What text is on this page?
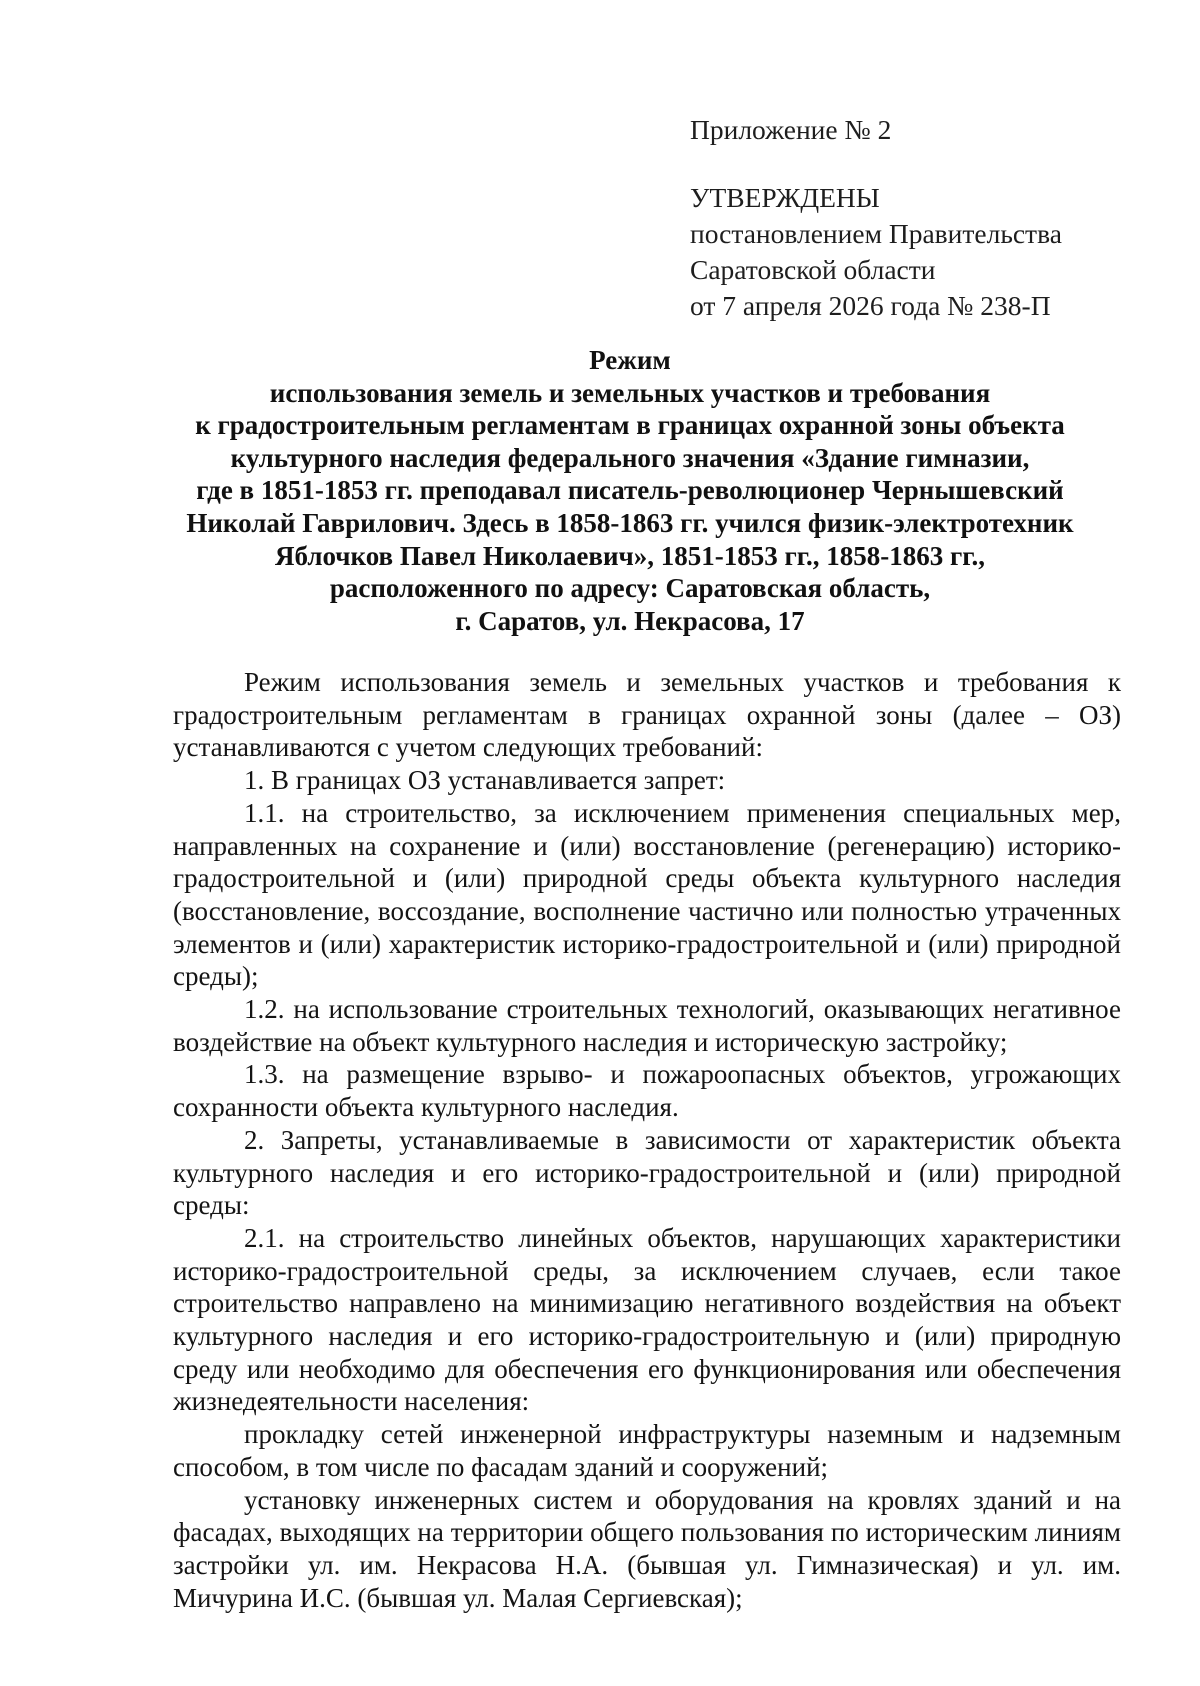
Приложение № 2
УТВЕРЖДЕНЫ
постановлением Правительства
Саратовской области
от 7 апреля 2026 года № 238-П
Режим
использования земель и земельных участков и требования
к градостроительным регламентам в границах охранной зоны объекта
культурного наследия федерального значения «Здание гимназии,
где в 1851-1853 гг. преподавал писатель-революционер Чернышевский
Николай Гаврилович. Здесь в 1858-1863 гг. учился физик-электротехник
Яблочков Павел Николаевич», 1851-1853 гг., 1858-1863 гг.,
расположенного по адресу: Саратовская область,
г. Саратов, ул. Некрасова, 17

Режим использования земель и земельных участков и требования к градостроительным регламентам в границах охранной зоны (далее – ОЗ) устанавливаются с учетом следующих требований:

1. В границах ОЗ устанавливается запрет:

1.1. на строительство, за исключением применения специальных мер, направленных на сохранение и (или) восстановление (регенерацию) историко-градостроительной и (или) природной среды объекта культурного наследия (восстановление, воссоздание, восполнение частично или полностью утраченных элементов и (или) характеристик историко-градостроительной и (или) природной среды);

1.2. на использование строительных технологий, оказывающих негативное воздействие на объект культурного наследия и историческую застройку;

1.3. на размещение взрыво- и пожароопасных объектов, угрожающих сохранности объекта культурного наследия.

2. Запреты, устанавливаемые в зависимости от характеристик объекта культурного наследия и его историко-градостроительной и (или) природной среды:

2.1. на строительство линейных объектов, нарушающих характеристики историко-градостроительной среды, за исключением случаев, если такое строительство направлено на минимизацию негативного воздействия на объект культурного наследия и его историко-градостроительную и (или) природную среду или необходимо для обеспечения его функционирования или обеспечения жизнедеятельности населения:

прокладку сетей инженерной инфраструктуры наземным и надземным способом, в том числе по фасадам зданий и сооружений;

установку инженерных систем и оборудования на кровлях зданий и на фасадах, выходящих на территории общего пользования по историческим линиям застройки ул. им. Некрасова Н.А. (бывшая ул. Гимназическая) и ул. им. Мичурина И.С. (бывшая ул. Малая Сергиевская);
